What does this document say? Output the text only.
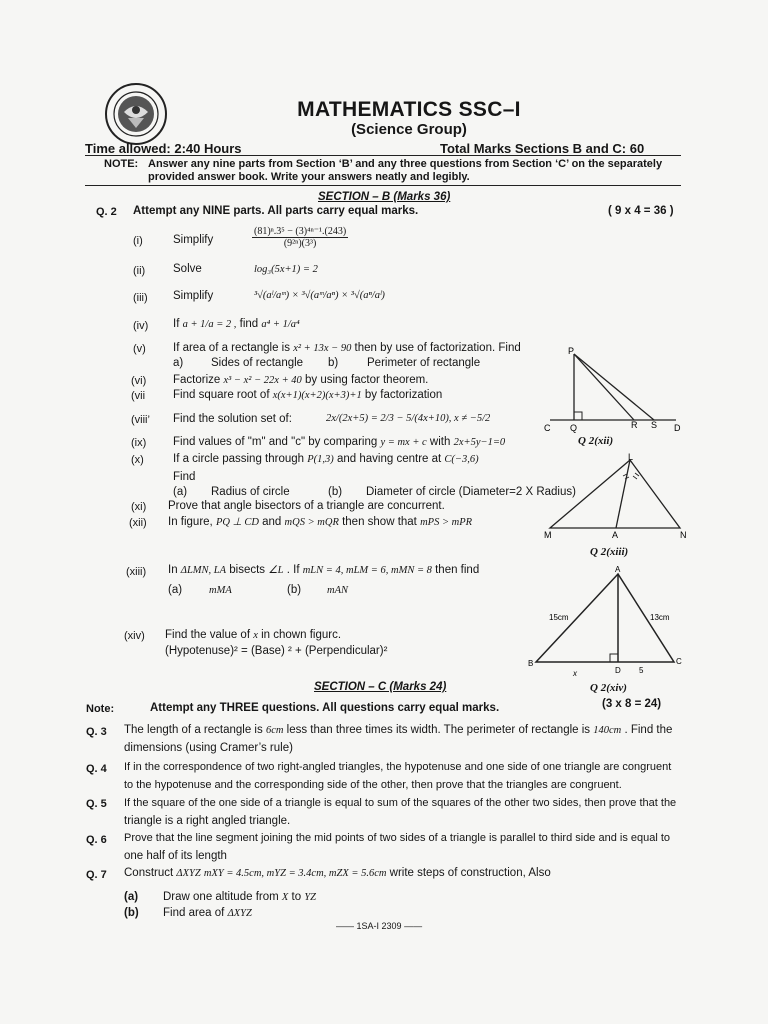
MATHEMATICS SSC–I
(Science Group)
Time allowed: 2:40 Hours	Total Marks Sections B and C: 60
NOTE: Answer any nine parts from Section ‘B’ and any three questions from Section ‘C’ on the separately provided answer book. Write your answers neatly and legibly.
SECTION – B (Marks 36)
Q. 2 Attempt any NINE parts. All parts carry equal marks.	( 9 x 4 = 36 )
(i)	Simplify	$\frac{\text{(81)ⁿ.3⁵ − (3)⁴ⁿ⁻¹.(243)}}{\text{(9²ⁿ)(3³)}}$
(ii) Solve	log₃(5x+1) = 2
(iii) Simplify	³√(aˡ/aᵐ) × ³√(aᵐ/aⁿ) × ³√(aⁿ/aˡ)
(iv) If a + 1/a = 2 , find a⁴ + 1/a⁴
(v) If area of a rectangle is x² + 13x − 90 then by use of factorization. Find
a) Sides of rectangle b)	Perimeter of rectangle
(vi) Factorize x³ − x² − 22x + 40 by using factor theorem.
(vii Find square root of x(x+1)(x+2)(x+3)+1 by factorization
(viii’ Find the solution set of:	2x/(2x+5) = 2/3 − 5/(4x+10), x ≠ −5/2
(ix) Find values of "m" and "c" by comparing y = mx + c with 2x+5y−1=0
(x)	If a circle passing through P(1,3) and having centre at C(−3,6)
Find
(a) Radius of circle	(b) Diameter of circle (Diameter=2 X Radius)
(xi) Prove that angle bisectors of a triangle are concurrent.
(xii) In figure, PQ ⊥ CD and mQS > mQR then show that mPS > mPR
(xiii) In ΔLMN, LA bisects ∠L . If mLN = 4, mLM = 6, mMN = 8 then find
(a)	mMA	(b) mAN
(xiv) Find the value of x in chown figurc.
(Hypotenuse)² = (Base) ² + (Perpendicular)²
P
C Q	R S D
Q 2(xii)
L
M	A	N
Q 2(xiii)
A
B	C
D
15cm	13cm
x	5
Q 2(xiv)
SECTION – C (Marks 24)
Note:	Attempt any THREE questions. All questions carry equal marks.	(3 x 8 = 24)
Q. 3 The length of a rectangle is 6cm less than three times its width. The perimeter of rectangle is 140cm . Find the
dimensions (using Cramer’s rule)
Q. 4 If in the correspondence of two right-angled triangles, the hypotenuse and one side of one triangle are congruent
to the hypotenuse and the corresponding side of the other, then prove that the triangles are congruent.
Q. 5 If the square of the one side of a triangle is equal to sum of the squares of the other two sides, then prove that the
triangle is a right angled triangle.
Q. 6 Prove that the line segment joining the mid points of two sides of a triangle is parallel to third side and is equal to
one half of its length
Q. 7 Construct ΔXYZ mXY = 4.5cm, mYZ = 3.4cm, mZX = 5.6cm write steps of construction, Also
(a) Draw one altitude from X to YZ
(b) Find area of ΔXYZ
—— 1SA-I 2309 ——
